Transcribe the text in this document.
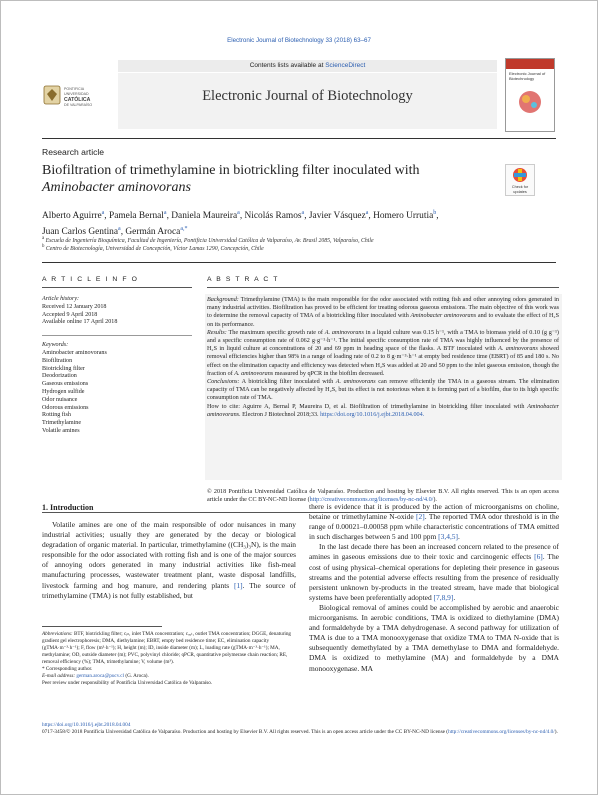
Electronic Journal of Biotechnology 33 (2018) 63–67
PONTIFICIA
UNIVERSIDAD
CATÓLICA
DE VALPARAÍSO
Contents lists available at ScienceDirect
Electronic Journal of Biotechnology
Electronic Journal of
Biotechnology
Research article
Biofiltration of trimethylamine in biotrickling filter inoculated with
Aminobacter aminovorans	Check for updates
Alberto Aguirre$^a$, Pamela Bernal$^a$, Daniela Maureira$^a$, Nicolás Ramos$^a$, Javier Vásquez$^a$, Homero Urrutia$^b$,
Juan Carlos Gentina$^a$, Germán Aroca$^{a,*}$
$^a$ Escuela de Ingeniería Bioquímica, Facultad de Ingeniería, Pontificia Universidad Católica de Valparaíso, Av. Brasil 2085, Valparaíso, Chile
$^b$ Centro de Biotecnología, Universidad de Concepción, Víctor Lamas 1290, Concepción, Chile
A R T I C L E I N F O	A B S T R A C T
Article history:
Received 12 January 2018
Accepted 9 April 2018
Available online 17 April 2018
Keywords:
Aminobacter aminovorans
Biofiltration
Biotrickling filter
Deodorization
Gaseous emissions
Hydrogen sulfide
Odor nuisance
Odorous emissions
Rotting fish
Trimethylamine
Volatile amines
Background: Trimethylamine (TMA) is the main responsible for the odor associated with rotting fish and other annoying odors generated in many industrial activities. Biofiltration has proved to be efficient for treating odorous gaseous emissions. The main objective of this work was to determine the removal capacity of TMA of a biotrickling filter inoculated with Aminobacter aminovorans and to evaluate the effect of H₂S on its performance.
Results: The maximum specific growth rate of A. aminovorans in a liquid culture was 0.15 h⁻¹, with a TMA to biomass yield of 0.10 (g g⁻¹) and a specific consumption rate of 0.062 g·g⁻¹·h⁻¹. The initial specific consumption rate of TMA was highly influenced by the presence of H₂S in liquid culture at concentrations of 20 and 69 ppm in heading space of the flasks. A BTF inoculated with A. aminovorans showed removal efficiencies higher than 98% in a range of loading rate of 0.2 to 8 g·m⁻³·h⁻¹ at empty bed residence time (EBRT) of 85 and 180 s. No effect on the elimination capacity and efficiency was detected when H₂S was added at 20 and 50 ppm to the inlet gaseous emission, though the fraction of A. aminovorans measured by qPCR in the biofilm decreased.
Conclusions: A biotrickling filter inoculated with A. aminovorans can remove efficiently the TMA in a gaseous stream. The elimination capacity of TMA can be negatively affected by H₂S, but its effect is not notorious when it is forming part of a biofilm, due to its high specific consumption rate of TMA.
How to cite: Aguirre A, Bernal P, Maureira D, et al. Biofiltration of trimethylamine in biotrickling filter inoculated with Aminobacter aminovorans. Electron J Biotechnol 2018;33. https://doi.org/10.1016/j.ejbt.2018.04.004.
© 2018 Pontificia Universidad Católica de Valparaíso. Production and hosting by Elsevier B.V. All rights reserved. This is an open access article under the CC BY-NC-ND license (http://creativecommons.org/licenses/by-nc-nd/4.0/).
1. Introduction

Volatile amines are one of the main responsible of odor nuisances in many industrial activities; usually they are generated by the decay or biological degradation of organic material. In particular, trimethylamine ((CH₃)₃N), is the main responsible for the odor associated with rotting fish and is one of the major sources of annoying odors generated in many industrial activities like fish-meal manufacturing processes, wastewater treatment plant, waste disposal landfills, livestock farming and hog manure, and rendering plants [1]. The source of trimethylamine (TMA) is not fully established, but

Abbreviations: BTF, biotrickling filter; cᵢₙ, inlet TMA concentration; cₒᵤₜ, outlet TMA concentration; DGGE, denaturing gradient gel electrophoresis; DMA, diethylamine; EBRT, empty bed residence time; EC, elimination capacity (gTMA·m⁻³·h⁻¹); F, flow (m³·h⁻¹); H, height (m); ID, inside diameter (m); L, loading rate (gTMA·m⁻³·h⁻¹); MA, methylamine; OD, outside diameter (m); PVC, polyvinyl chloride; qPCR, quantitative polymerase chain reaction; RE, removal efficiency (%); TMA, trimethylamine; V, volume (m³).
* Corresponding author.
E-mail address: german.aroca@pucv.cl (G. Aroca).
Peer review under responsibility of Pontificia Universidad Católica de Valparaíso.

there is evidence that it is produced by the action of microorganisms on choline, betaine or trimethylamine N-oxide [2]. The reported TMA odor threshold is in the range of 0.00021–0.00058 ppm while characteristic concentrations of TMA emitted in such discharges between 5 and 100 ppm [3,4,5].

In the last decade there has been an increased concern related to the presence of amines in gaseous emissions due to their toxic and carcinogenic effects [6]. The cost of using physical–chemical operations for depleting their presence in gaseous streams and the potential adverse effects resulting from the presence of residually persistent unknown by-products in the treated stream, have made that biological systems have been preferentially adopted [7,8,9].

Biological removal of amines could be accomplished by aerobic and anaerobic microorganisms. In aerobic conditions, TMA is oxidized to diethylamine (DMA) and formaldehyde by a TMA dehydrogenase. A second pathway for utilization of TMA is due to a TMA monooxygenase that oxidize TMA to TMA N-oxide that is subsequently demethylated by a TMA demethylase to DMA and formaldehyde. DMA is oxidized to methylamine (MA) and formaldehyde by a DMA monooxygenase. MA

https://doi.org/10.1016/j.ejbt.2018.04.004
0717-3458/© 2018 Pontificia Universidad Católica de Valparaíso. Production and hosting by Elsevier B.V. All rights reserved. This is an open access article under the CC BY-NC-ND license (http://creativecommons.org/licenses/by-nc-nd/4.0/).
